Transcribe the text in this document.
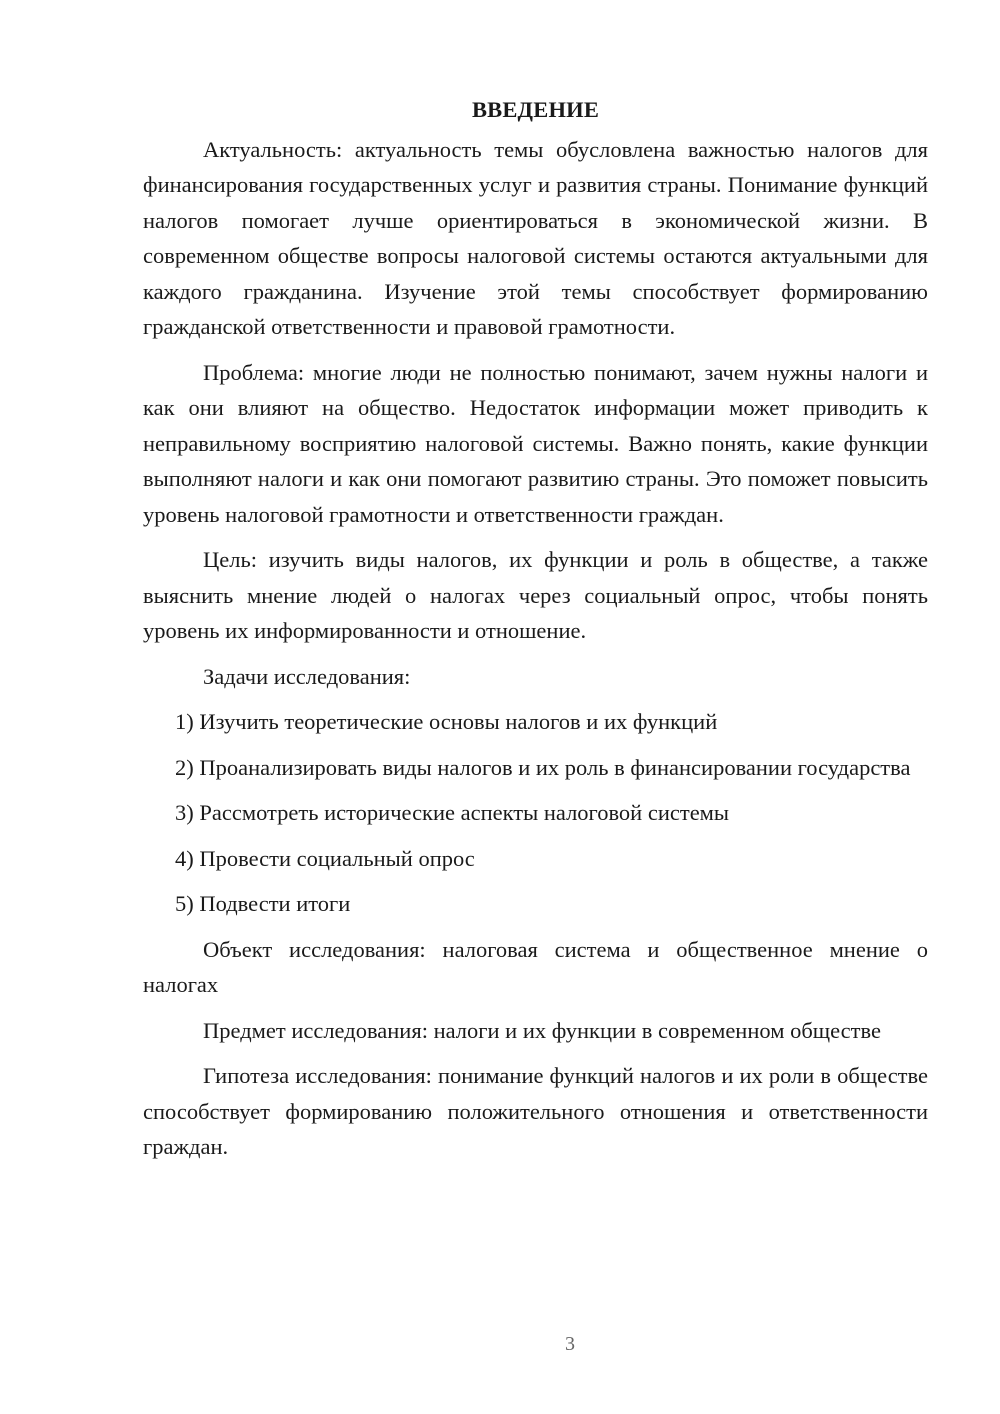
ВВЕДЕНИЕ

Актуальность: актуальность темы обусловлена важностью налогов для финансирования государственных услуг и развития страны. Понимание функций налогов помогает лучше ориентироваться в экономической жизни. В современном обществе вопросы налоговой системы остаются актуальными для каждого гражданина. Изучение этой темы способствует формированию гражданской ответственности и правовой грамотности.

Проблема: многие люди не полностью понимают, зачем нужны налоги и как они влияют на общество. Недостаток информации может приводить к неправильному восприятию налоговой системы. Важно понять, какие функции выполняют налоги и как они помогают развитию страны. Это поможет повысить уровень налоговой грамотности и ответственности граждан.

Цель: изучить виды налогов, их функции и роль в обществе, а также выяснить мнение людей о налогах через социальный опрос, чтобы понять уровень их информированности и отношение.

Задачи исследования:

1) Изучить теоретические основы налогов и их функций

2) Проанализировать виды налогов и их роль в финансировании государства

3) Рассмотреть исторические аспекты налоговой системы

4) Провести социальный опрос

5) Подвести итоги

Объект исследования: налоговая система и общественное мнение о налогах

Предмет исследования: налоги и их функции в современном обществе

Гипотеза исследования: понимание функций налогов и их роли в обществе способствует формированию положительного отношения и ответственности граждан.

3
